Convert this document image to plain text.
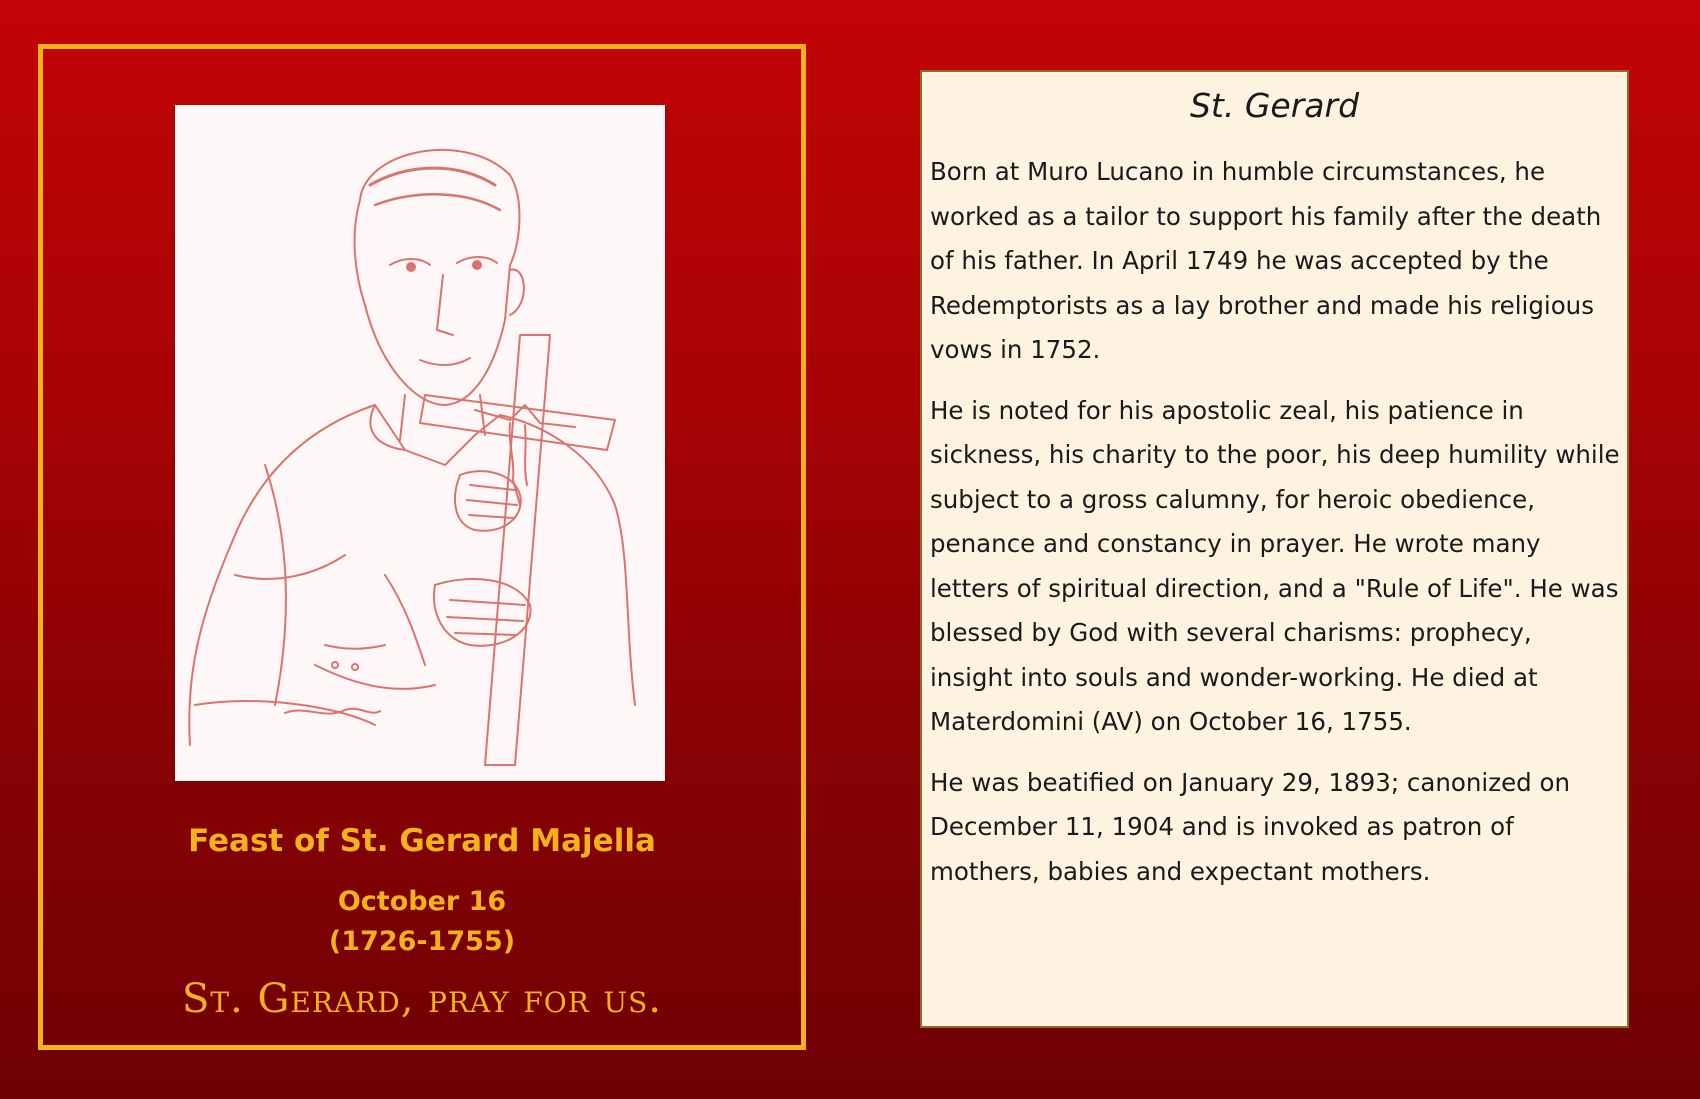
Feast of St. Gerard Majella
October 16
(1726-1755)
St. Gerard, pray for us.
St. Gerard

Born at Muro Lucano in humble circumstances, he worked as a tailor to support his family after the death of his father. In April 1749 he was accepted by the Redemptorists as a lay brother and made his religious vows in 1752.

He is noted for his apostolic zeal, his patience in sickness, his charity to the poor, his deep humility while subject to a gross calumny, for heroic obedience, penance and constancy in prayer. He wrote many letters of spiritual direction, and a "Rule of Life". He was blessed by God with several charisms: prophecy, insight into souls and wonder-working. He died at Materdomini (AV) on October 16, 1755.

He was beatified on January 29, 1893; canonized on December 11, 1904 and is invoked as patron of mothers, babies and expectant mothers.
